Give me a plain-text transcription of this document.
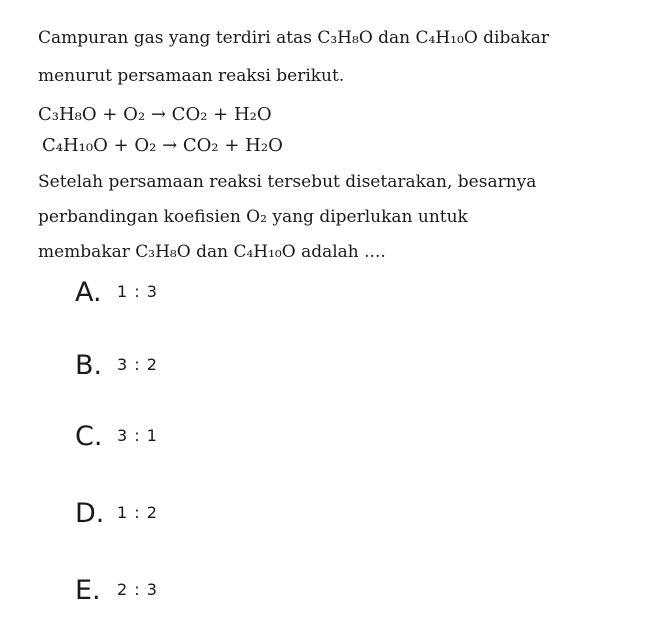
Campuran gas yang terdiri atas C₃H₈O dan C₄H₁₀O dibakar
menurut persamaan reaksi berikut.
C₃H₈O + O₂ → CO₂ + H₂O
C₄H₁₀O + O₂ → CO₂ + H₂O
Setelah persamaan reaksi tersebut disetarakan, besarnya
perbandingan koefisien O₂ yang diperlukan untuk
membakar C₃H₈O dan C₄H₁₀O adalah ....
A. 1 : 3
B. 3 : 2
C. 3 : 1
D. 1 : 2
E. 2 : 3
